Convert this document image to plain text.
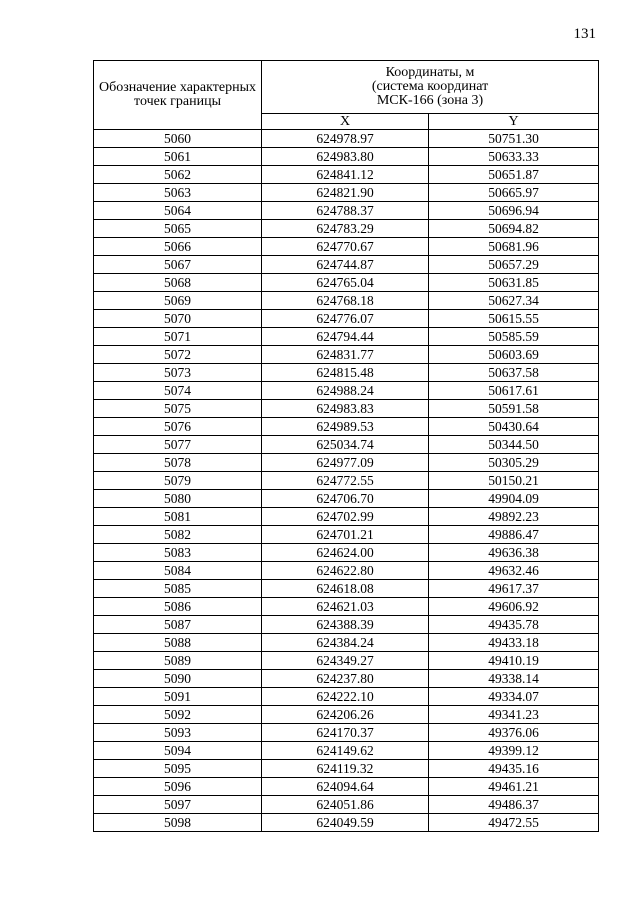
131
Обозначение характерных точек границы	Координаты, м
(система координат
МСК-166 (зона 3)	

	X	Y
5060	624978.97	50751.30
5061	624983.80	50633.33
5062	624841.12	50651.87
5063	624821.90	50665.97
5064	624788.37	50696.94
5065	624783.29	50694.82
5066	624770.67	50681.96
5067	624744.87	50657.29
5068	624765.04	50631.85
5069	624768.18	50627.34
5070	624776.07	50615.55
5071	624794.44	50585.59
5072	624831.77	50603.69
5073	624815.48	50637.58
5074	624988.24	50617.61
5075	624983.83	50591.58
5076	624989.53	50430.64
5077	625034.74	50344.50
5078	624977.09	50305.29
5079	624772.55	50150.21
5080	624706.70	49904.09
5081	624702.99	49892.23
5082	624701.21	49886.47
5083	624624.00	49636.38
5084	624622.80	49632.46
5085	624618.08	49617.37
5086	624621.03	49606.92
5087	624388.39	49435.78
5088	624384.24	49433.18
5089	624349.27	49410.19
5090	624237.80	49338.14
5091	624222.10	49334.07
5092	624206.26	49341.23
5093	624170.37	49376.06
5094	624149.62	49399.12
5095	624119.32	49435.16
5096	624094.64	49461.21
5097	624051.86	49486.37
5098	624049.59	49472.55
